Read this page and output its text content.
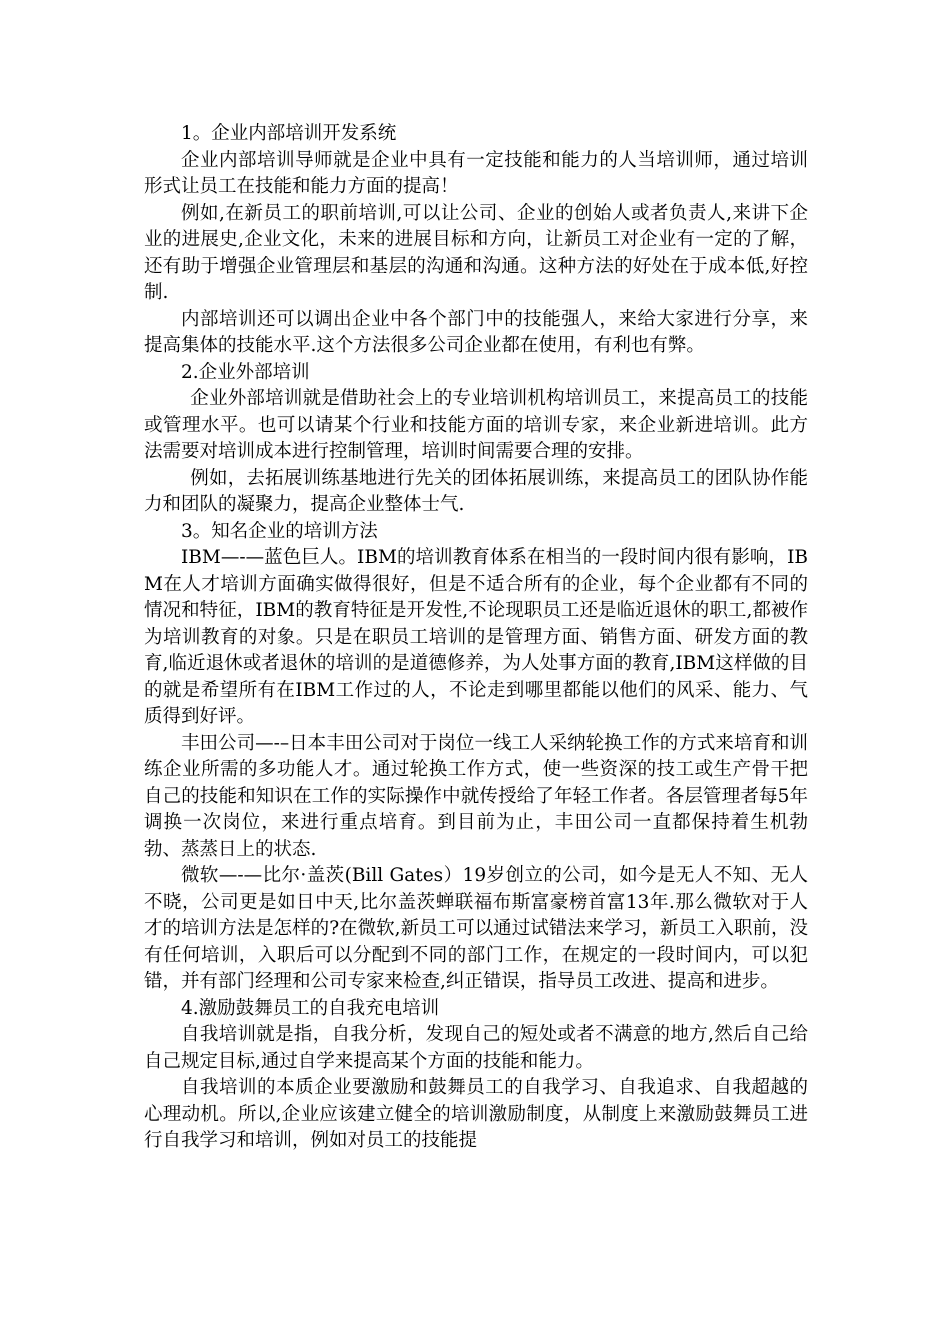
1。企业内部培训开发系统

企业内部培训导师就是企业中具有一定技能和能力的人当培训师，通过培训形式让员工在技能和能力方面的提高！

例如,在新员工的职前培训,可以让公司、企业的创始人或者负责人,来讲下企业的进展史,企业文化，未来的进展目标和方向，让新员工对企业有一定的了解，还有助于增强企业管理层和基层的沟通和沟通。这种方法的好处在于成本低,好控制.

内部培训还可以调出企业中各个部门中的技能强人，来给大家进行分享，来提高集体的技能水平.这个方法很多公司企业都在使用，有利也有弊。

2.企业外部培训

企业外部培训就是借助社会上的专业培训机构培训员工，来提高员工的技能或管理水平。也可以请某个行业和技能方面的培训专家，来企业新进培训。此方法需要对培训成本进行控制管理，培训时间需要合理的安排。

例如，去拓展训练基地进行先关的团体拓展训练，来提高员工的团队协作能力和团队的凝聚力，提高企业整体士气.

3。知名企业的培训方法

IBM—-—蓝色巨人。IBM的培训教育体系在相当的一段时间内很有影响，IBM在人才培训方面确实做得很好，但是不适合所有的企业，每个企业都有不同的情况和特征，IBM的教育特征是开发性,不论现职员工还是临近退休的职工,都被作为培训教育的对象。只是在职员工培训的是管理方面、销售方面、研发方面的教育,临近退休或者退休的培训的是道德修养，为人处事方面的教育,IBM这样做的目的就是希望所有在IBM工作过的人，不论走到哪里都能以他们的风采、能力、气质得到好评。

丰田公司—-–日本丰田公司对于岗位一线工人采纳轮换工作的方式来培育和训练企业所需的多功能人才。通过轮换工作方式，使一些资深的技工或生产骨干把自己的技能和知识在工作的实际操作中就传授给了年轻工作者。各层管理者每5年调换一次岗位，来进行重点培育。到目前为止，丰田公司一直都保持着生机勃勃、蒸蒸日上的状态.

微软—-—比尔·盖茨(Bill Gates）19岁创立的公司，如今是无人不知、无人不晓，公司更是如日中天,比尔盖茨蝉联福布斯富豪榜首富13年.那么微软对于人才的培训方法是怎样的?在微软,新员工可以通过试错法来学习，新员工入职前，没有任何培训，入职后可以分配到不同的部门工作，在规定的一段时间内，可以犯错，并有部门经理和公司专家来检查,纠正错误，指导员工改进、提高和进步。

4.激励鼓舞员工的自我充电培训

自我培训就是指，自我分析，发现自己的短处或者不满意的地方,然后自己给自己规定目标,通过自学来提高某个方面的技能和能力。

自我培训的本质企业要激励和鼓舞员工的自我学习、自我追求、自我超越的心理动机。所以,企业应该建立健全的培训激励制度，从制度上来激励鼓舞员工进行自我学习和培训，例如对员工的技能提
